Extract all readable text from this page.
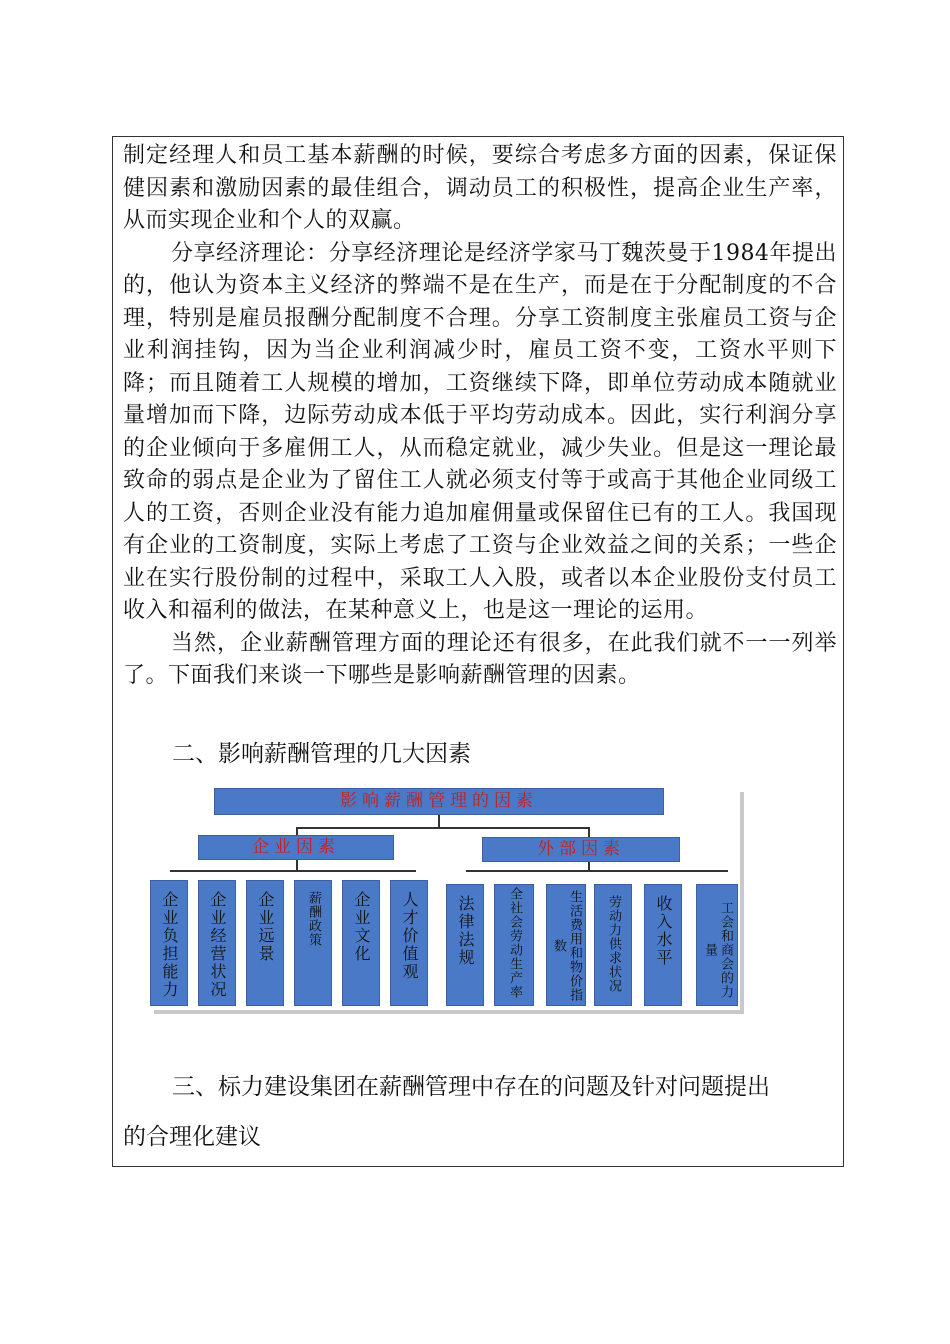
制定经理人和员工基本薪酬的时候，要综合考虑多方面的因素，保证保健因素和激励因素的最佳组合，调动员工的积极性，提高企业生产率， 从而实现企业和个人的双赢。

分享经济理论：分享经济理论是经济学家马丁魏茨曼于1984年提出的，他认为资本主义经济的弊端不是在生产，而是在于分配制度的不合理，特别是雇员报酬分配制度不合理。分享工资制度主张雇员工资与企业利润挂钩，因为当企业利润减少时，雇员工资不变，工资水平则下降；而且随着工人规模的增加，工资继续下降，即单位劳动成本随就业量增加而下降，边际劳动成本低于平均劳动成本。因此，实行利润分享的企业倾向于多雇佣工人，从而稳定就业，减少失业。但是这一理论最致命的弱点是企业为了留住工人就必须支付等于或高于其他企业同级工人的工资，否则企业没有能力追加雇佣量或保留住已有的工人。我国现有企业的工资制度，实际上考虑了工资与企业效益之间的关系；一些企业在实行股份制的过程中，采取工人入股，或者以本企业股份支付员工收入和福利的做法，在某种意义上，也是这一理论的运用。

当然，企业薪酬管理方面的理论还有很多，在此我们就不一一列举了。下面我们来谈一下哪些是影响薪酬管理的因素。

二、影响薪酬管理的几大因素
影响薪酬管理的因素
企业因素	外部因素
企业负担能力 企业经营状况 企业远景 薪酬政策 企业文化 人才价值观 法律法规 全社会劳动生产率	生活费用和物价指数	劳动力供求状况 收入水平	工会和商会的力量
三、标力建设集团在薪酬管理中存在的问题及针对问题提出
的合理化建议
